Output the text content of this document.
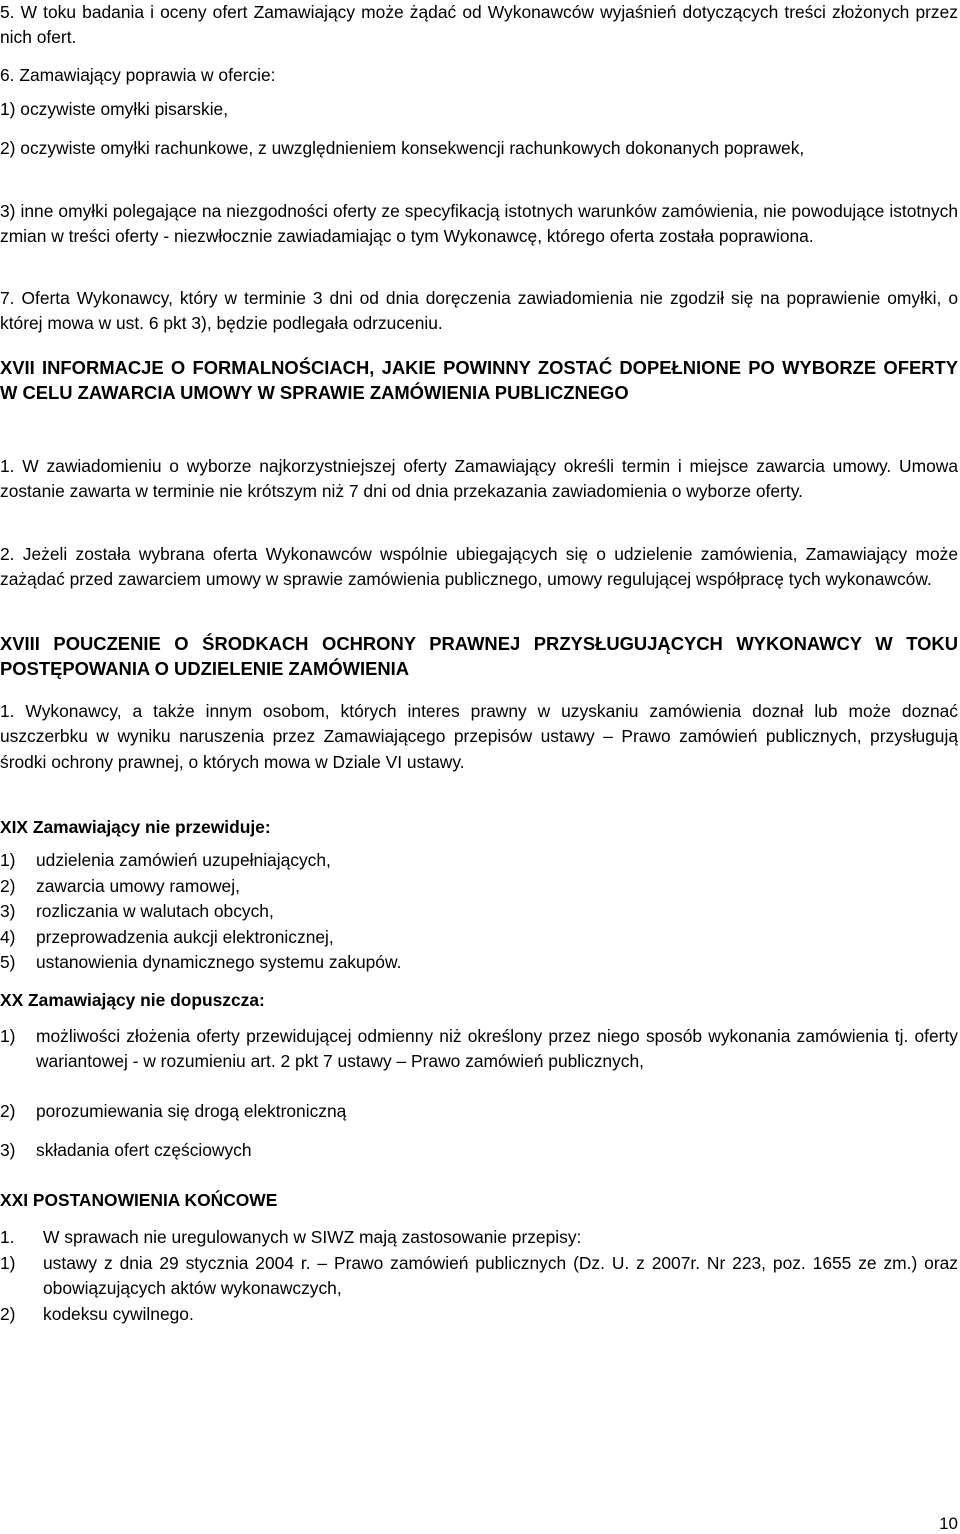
5. W toku badania i oceny ofert Zamawiający może żądać od Wykonawców wyjaśnień dotyczących treści złożonych przez nich ofert.

6. Zamawiający poprawia w ofercie:

1) oczywiste omyłki pisarskie,

2) oczywiste omyłki rachunkowe, z uwzględnieniem konsekwencji rachunkowych dokonanych poprawek,

3) inne omyłki polegające na niezgodności oferty ze specyfikacją istotnych warunków zamówienia, nie powodujące istotnych zmian w treści oferty - niezwłocznie zawiadamiając o tym Wykonawcę, którego oferta została poprawiona.

7. Oferta Wykonawcy, który w terminie 3 dni od dnia doręczenia zawiadomienia nie zgodził się na poprawienie omyłki, o której mowa w ust. 6 pkt 3), będzie podlegała odrzuceniu.

XVII INFORMACJE O FORMALNOŚCIACH, JAKIE POWINNY ZOSTAĆ DOPEŁNIONE PO WYBORZE OFERTY W CELU ZAWARCIA UMOWY W SPRAWIE ZAMÓWIENIA PUBLICZNEGO

1. W zawiadomieniu o wyborze najkorzystniejszej oferty Zamawiający określi termin i miejsce zawarcia umowy. Umowa zostanie zawarta w terminie nie krótszym niż 7 dni od dnia przekazania zawiadomienia o wyborze oferty.

2. Jeżeli została wybrana oferta Wykonawców wspólnie ubiegających się o udzielenie zamówienia, Zamawiający może zażądać przed zawarciem umowy w sprawie zamówienia publicznego, umowy regulującej współpracę tych wykonawców.

XVIII POUCZENIE O ŚRODKACH OCHRONY PRAWNEJ PRZYSŁUGUJĄCYCH WYKONAWCY W TOKU POSTĘPOWANIA O UDZIELENIE ZAMÓWIENIA

1. Wykonawcy, a także innym osobom, których interes prawny w uzyskaniu zamówienia doznał lub może doznać uszczerbku w wyniku naruszenia przez Zamawiającego przepisów ustawy – Prawo zamówień publicznych, przysługują środki ochrony prawnej, o których mowa w Dziale VI ustawy.

XIX Zamawiający nie przewiduje:
1) udzielenia zamówień uzupełniających,
2) zawarcia umowy ramowej,
3) rozliczania w walutach obcych,
4) przeprowadzenia aukcji elektronicznej,
5) ustanowienia dynamicznego systemu zakupów.
XX Zamawiający nie dopuszcza:
1) możliwości złożenia oferty przewidującej odmienny niż określony przez niego sposób wykonania zamówienia tj. oferty wariantowej - w rozumieniu art. 2 pkt 7 ustawy – Prawo zamówień publicznych,
2) porozumiewania się drogą elektroniczną
3) składania ofert częściowych
XXI POSTANOWIENIA KOŃCOWE
1. W sprawach nie uregulowanych w SIWZ mają zastosowanie przepisy:
1) ustawy z dnia 29 stycznia 2004 r. – Prawo zamówień publicznych (Dz. U. z 2007r. Nr 223, poz. 1655 ze zm.) oraz obowiązujących aktów wykonawczych,
2) kodeksu cywilnego.
10
